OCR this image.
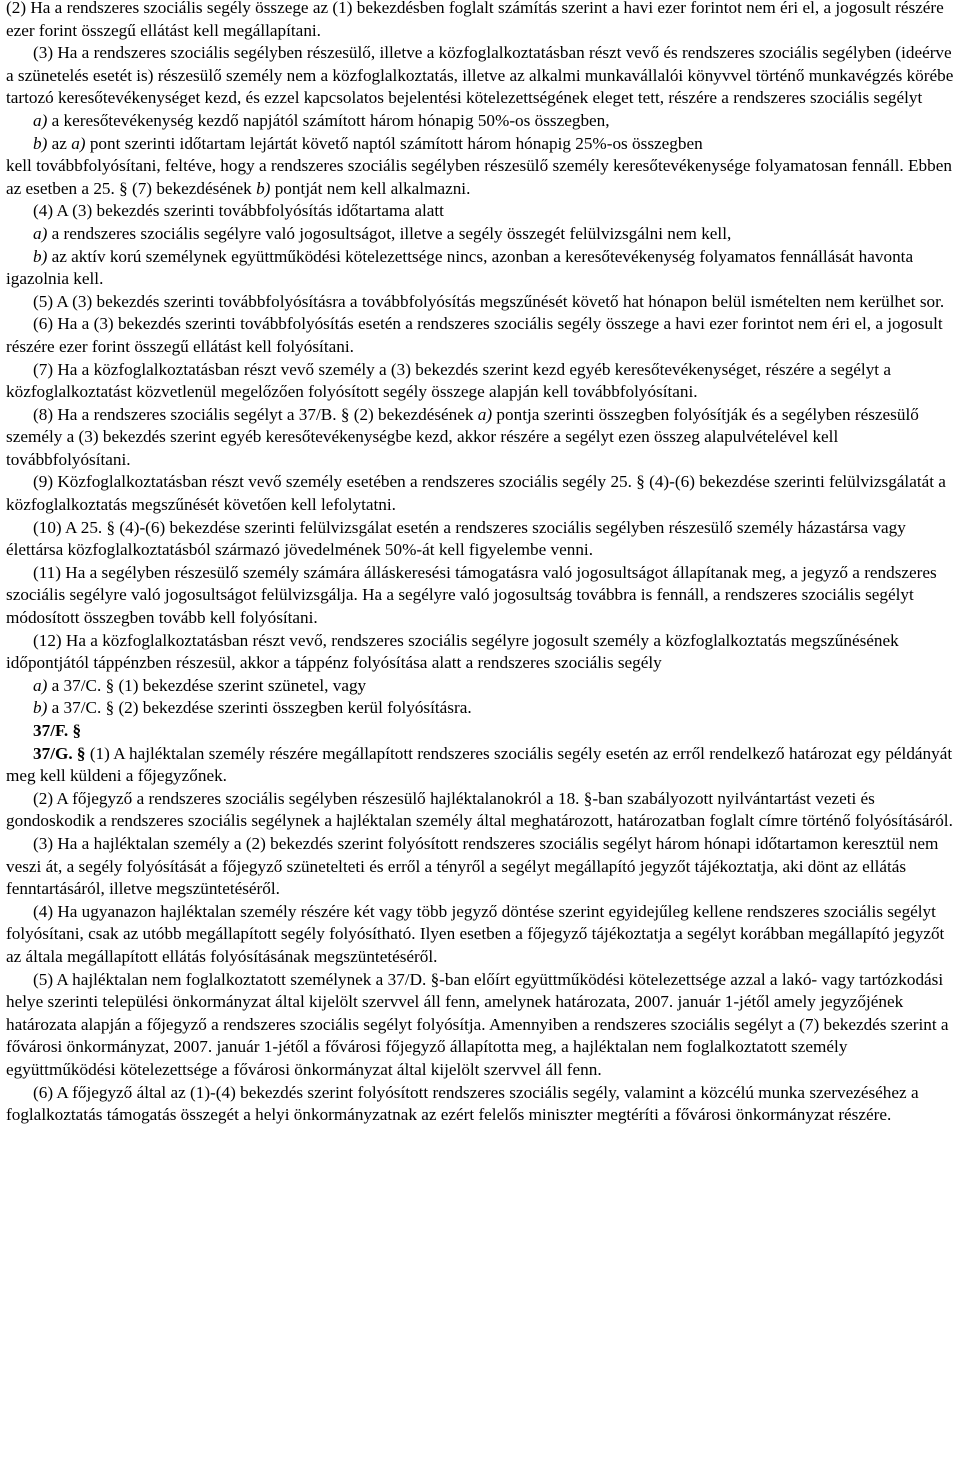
(2) Ha a rendszeres szociális segély összege az (1) bekezdésben foglalt számítás szerint a havi ezer forintot nem éri el, a jogosult részére ezer forint összegű ellátást kell megállapítani.

(3) Ha a rendszeres szociális segélyben részesülő, illetve a közfoglalkoztatásban részt vevő és rendszeres szociális segélyben (ideérve a szünetelés esetét is) részesülő személy nem a közfoglalkoztatás, illetve az alkalmi munkavállalói könyvvel történő munkavégzés körébe tartozó keresőtevékenységet kezd, és ezzel kapcsolatos bejelentési kötelezettségének eleget tett, részére a rendszeres szociális segélyt

a) a keresőtevékenység kezdő napjától számított három hónapig 50%-os összegben,

b) az a) pont szerinti időtartam lejártát követő naptól számított három hónapig 25%-os összegben

kell továbbfolyósítani, feltéve, hogy a rendszeres szociális segélyben részesülő személy keresőtevékenysége folyamatosan fennáll. Ebben az esetben a 25. § (7) bekezdésének b) pontját nem kell alkalmazni.

(4) A (3) bekezdés szerinti továbbfolyósítás időtartama alatt

a) a rendszeres szociális segélyre való jogosultságot, illetve a segély összegét felülvizsgálni nem kell,

b) az aktív korú személynek együttműködési kötelezettsége nincs, azonban a keresőtevékenység folyamatos fennállását havonta igazolnia kell.

(5) A (3) bekezdés szerinti továbbfolyósításra a továbbfolyósítás megszűnését követő hat hónapon belül ismételten nem kerülhet sor.

(6) Ha a (3) bekezdés szerinti továbbfolyósítás esetén a rendszeres szociális segély összege a havi ezer forintot nem éri el, a jogosult részére ezer forint összegű ellátást kell folyósítani.

(7) Ha a közfoglalkoztatásban részt vevő személy a (3) bekezdés szerint kezd egyéb keresőtevékenységet, részére a segélyt a közfoglalkoztatást közvetlenül megelőzően folyósított segély összege alapján kell továbbfolyósítani.

(8) Ha a rendszeres szociális segélyt a 37/B. § (2) bekezdésének a) pontja szerinti összegben folyósítják és a segélyben részesülő személy a (3) bekezdés szerint egyéb keresőtevékenységbe kezd, akkor részére a segélyt ezen összeg alapulvételével kell továbbfolyósítani.

(9) Közfoglalkoztatásban részt vevő személy esetében a rendszeres szociális segély 25. § (4)-(6) bekezdése szerinti felülvizsgálatát a közfoglalkoztatás megszűnését követően kell lefolytatni.

(10) A 25. § (4)-(6) bekezdése szerinti felülvizsgálat esetén a rendszeres szociális segélyben részesülő személy házastársa vagy élettársa közfoglalkoztatásból származó jövedelmének 50%-át kell figyelembe venni.

(11) Ha a segélyben részesülő személy számára álláskeresési támogatásra való jogosultságot állapítanak meg, a jegyző a rendszeres szociális segélyre való jogosultságot felülvizsgálja. Ha a segélyre való jogosultság továbbra is fennáll, a rendszeres szociális segélyt módosított összegben tovább kell folyósítani.

(12) Ha a közfoglalkoztatásban részt vevő, rendszeres szociális segélyre jogosult személy a közfoglalkoztatás megszűnésének időpontjától táppénzben részesül, akkor a táppénz folyósítása alatt a rendszeres szociális segély

a) a 37/C. § (1) bekezdése szerint szünetel, vagy

b) a 37/C. § (2) bekezdése szerinti összegben kerül folyósításra.

37/F. §

37/G. § (1) A hajléktalan személy részére megállapított rendszeres szociális segély esetén az erről rendelkező határozat egy példányát meg kell küldeni a főjegyzőnek.

(2) A főjegyző a rendszeres szociális segélyben részesülő hajléktalanokról a 18. §-ban szabályozott nyilvántartást vezeti és gondoskodik a rendszeres szociális segélynek a hajléktalan személy által meghatározott, határozatban foglalt címre történő folyósításáról.

(3) Ha a hajléktalan személy a (2) bekezdés szerint folyósított rendszeres szociális segélyt három hónapi időtartamon keresztül nem veszi át, a segély folyósítását a főjegyző szünetelteti és erről a tényről a segélyt megállapító jegyzőt tájékoztatja, aki dönt az ellátás fenntartásáról, illetve megszüntetéséről.

(4) Ha ugyanazon hajléktalan személy részére két vagy több jegyző döntése szerint egyidejűleg kellene rendszeres szociális segélyt folyósítani, csak az utóbb megállapított segély folyósítható. Ilyen esetben a főjegyző tájékoztatja a segélyt korábban megállapító jegyzőt az általa megállapított ellátás folyósításának megszüntetéséről.

(5) A hajléktalan nem foglalkoztatott személynek a 37/D. §-ban előírt együttműködési kötelezettsége azzal a lakó- vagy tartózkodási helye szerinti települési önkormányzat által kijelölt szervvel áll fenn, amelynek határozata, 2007. január 1-jétől amely jegyzőjének határozata alapján a főjegyző a rendszeres szociális segélyt folyósítja. Amennyiben a rendszeres szociális segélyt a (7) bekezdés szerint a fővárosi önkormányzat, 2007. január 1-jétől a fővárosi főjegyző állapította meg, a hajléktalan nem foglalkoztatott személy együttműködési kötelezettsége a fővárosi önkormányzat által kijelölt szervvel áll fenn.

(6) A főjegyző által az (1)-(4) bekezdés szerint folyósított rendszeres szociális segély, valamint a közcélú munka szervezéséhez a foglalkoztatás támogatás összegét a helyi önkormányzatnak az ezért felelős miniszter megtéríti a fővárosi önkormányzat részére.
